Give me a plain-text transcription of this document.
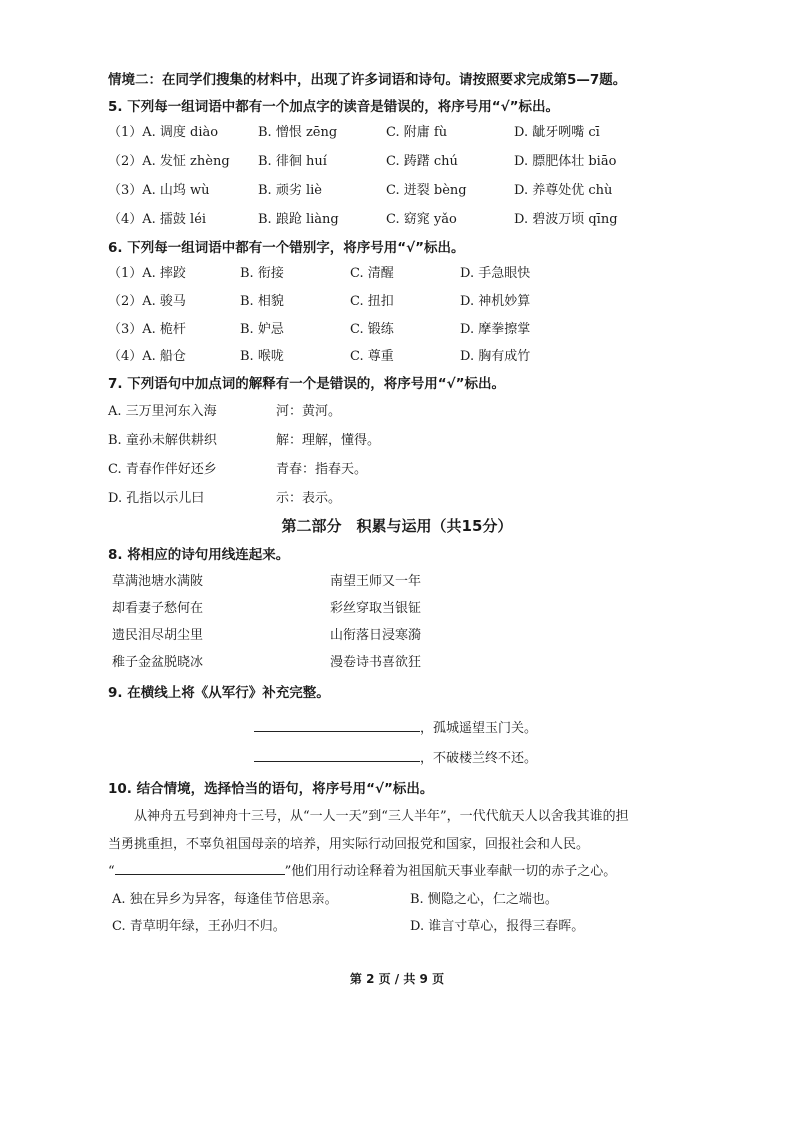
情境二：在同学们搜集的材料中，出现了许多词语和诗句。请按照要求完成第5—7题。
5. 下列每一组词语中都有一个加点字的读音是错误的，将序号用“√”标出。
（1）A. 调度 diào	B. 憎恨 zēng	C. 附庸 fù	D. 龇牙咧嘴 cī
（2）A. 发怔 zhèng B. 徘徊 huí	C. 踌躇 chú	D. 膘肥体壮 biāo
（3）A. 山坞 wù	B. 顽劣 liè	C. 迸裂 bèng	D. 养尊处优 chù
（4）A. 擂鼓 léi	B. 踉跄 liàng	C. 窈窕 yǎo	D. 碧波万顷 qīng
6. 下列每一组词语中都有一个错别字，将序号用“√”标出。
（1）A. 摔跤	B. 衔接	C. 清醒	D. 手急眼快
（2）A. 骏马	B. 相貌	C. 扭扣	D. 神机妙算
（3）A. 桅杆	B. 妒忌	C. 锻练	D. 摩拳擦掌
（4）A. 船仓	B. 喉咙	C. 尊重	D. 胸有成竹
7. 下列语句中加点词的解释有一个是错误的，将序号用“√”标出。
A. 三万里河东入海	河：黄河。
B. 童孙未解供耕织	解：理解，懂得。
C. 青春作伴好还乡	青春：指春天。
D. 孔指以示儿曰	示：表示。
第二部分　积累与运用（共15分）
8. 将相应的诗句用线连起来。
草满池塘水满陂	南望王师又一年
却看妻子愁何在	彩丝穿取当银钲
遗民泪尽胡尘里	山衔落日浸寒漪
稚子金盆脱晓冰	漫卷诗书喜欲狂
9. 在横线上将《从军行》补充完整。
，孤城遥望玉门关。
，不破楼兰终不还。
10. 结合情境，选择恰当的语句，将序号用“√”标出。
从神舟五号到神舟十三号，从“一人一天”到“三人半年”，一代代航天人以舍我其谁的担
当勇挑重担，不辜负祖国母亲的培养，用实际行动回报党和国家，回报社会和人民。
“	”他们用行动诠释着为祖国航天事业奉献一切的赤子之心。
A. 独在异乡为异客，每逢佳节倍思亲。	B. 恻隐之心，仁之端也。
C. 青草明年绿，王孙归不归。	D. 谁言寸草心，报得三春晖。
第 2 页 / 共 9 页
